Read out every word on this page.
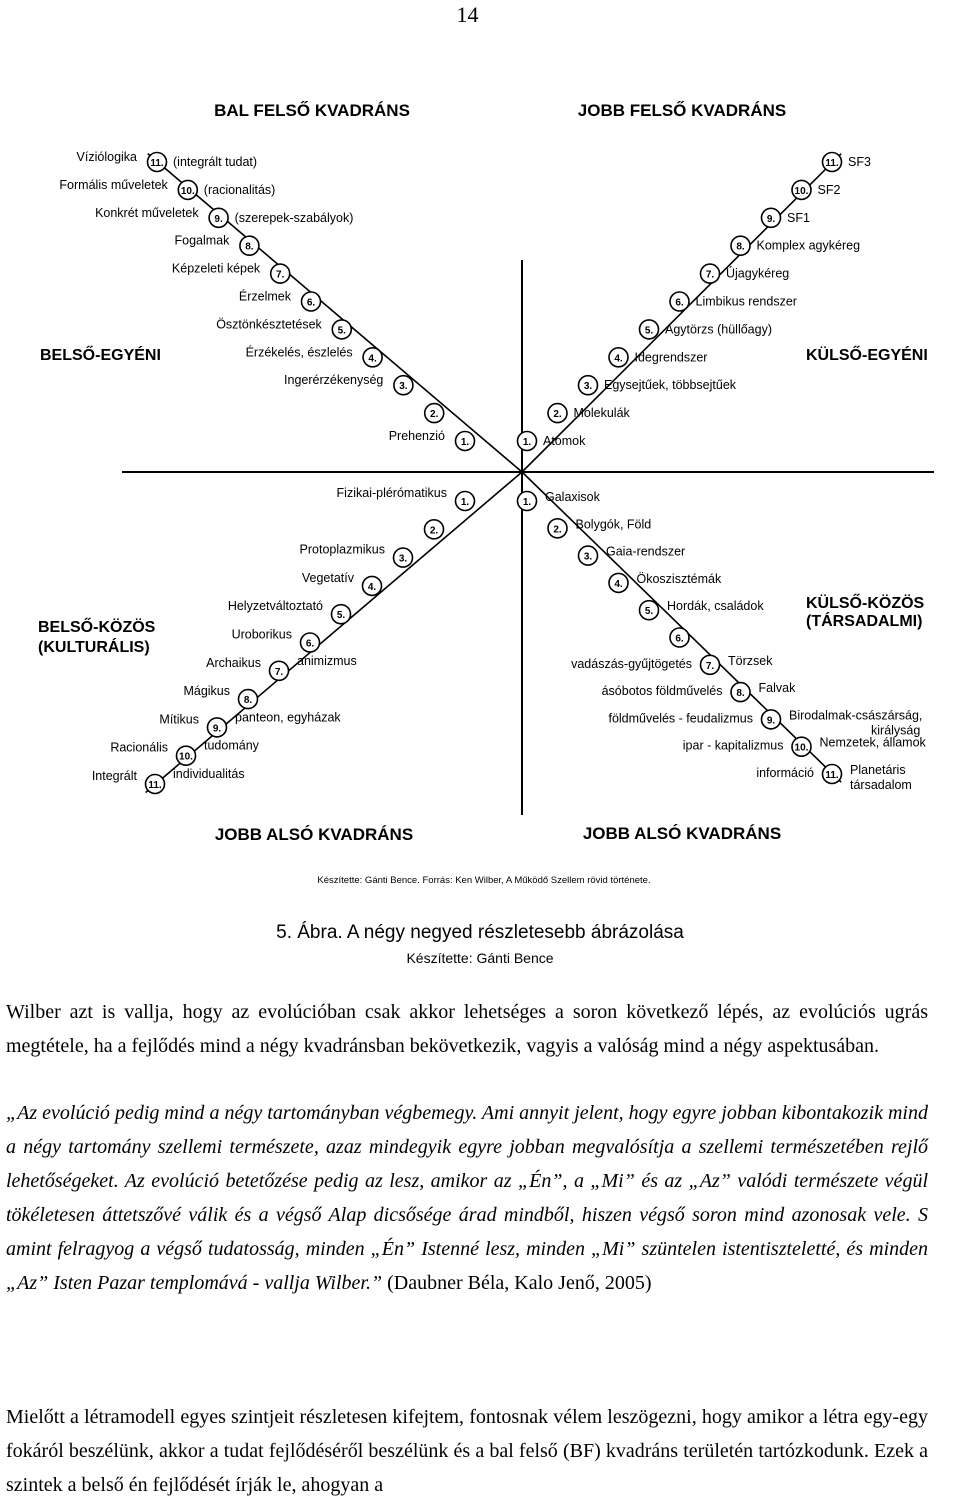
14
BAL FELSŐ KVADRÁNS	JOBB FELSŐ KVADRÁNS
JOBB ALSÓ KVADRÁNS	JOBB ALSÓ KVADRÁNS
BELSŐ-EGYÉNI	KÜLSŐ-EGYÉNI
BELSŐ-KÖZÖS
(KULTURÁLIS)
KÜLSŐ-KÖZÖS
(TÁRSADALMI)
Készítette: Gánti Bence. Forrás: Ken Wilber, A Működő Szellem rövid története.
1.
Prehenzió
2.
3.
Ingerérzékenység
4.
Érzékelés, észlelés
5.
Ösztönkésztetések
6.
Érzelmek
7.
Képzeleti képek
8.
Fogalmak
9.
Konkrét műveletek	(szerepek-szabályok)
10.
Formális műveletek	(racionalitás)
11.
Víziólogika	(integrált tudat)
1. Atomok
2. Molekulák
3. Egysejtűek, többsejtűek
4. Idegrendszer
5. Agytörzs (hüllőagy)
6. Limbikus rendszer
7. Újagykéreg
8. Komplex agykéreg
9. SF1
10. SF2
11. SF3
1.
Fizikai-plérómatikus
2.
3.
Protoplazmikus
4.
Vegetatív
5.
Helyzetváltoztató
6.
Uroborikus
7.
Archaikus	animizmus
8.
Mágikus
9.
Mítikus	panteon, egyházak
10.
Racionális	tudomány
11.
Integrált	individualitás
1. Galaxisok
2. Bolygók, Föld
3. Gaia-rendszer
4. Ökoszisztémák
5. Hordák, családok
6.
7. Törzsek
vadászás-gyűjtögetés
8. Falvak
ásóbotos földművelés
9. Birodalmak-császárság,
földművelés - feudalizmus
10. Nemzetek, államok
ipar - kapitalizmus
11. Planetáris
információ
királyság
társadalom
5. Ábra. A négy negyed részletesebb ábrázolása
Készítette: Gánti Bence
Wilber azt is vallja, hogy az evolúcióban csak akkor lehetséges a soron következő lépés, az evolúciós ugrás megtétele, ha a fejlődés mind a négy kvadránsban bekövetkezik, vagyis a valóság mind a négy aspektusában.
„Az evolúció pedig mind a négy tartományban végbemegy. Ami annyit jelent, hogy egyre jobban kibontakozik mind a négy tartomány szellemi természete, azaz mindegyik egyre jobban megvalósítja a szellemi természetében rejlő lehetőségeket. Az evolúció betetőzése pedig az lesz, amikor az „Én”, a „Mi” és az „Az” valódi természete végül tökéletesen áttetszővé válik és a végső Alap dicsősége árad mindből, hiszen végső soron mind azonosak vele. S amint felragyog a végső tudatosság, minden „Én” Istenné lesz, minden „Mi” szüntelen istentiszteletté, és minden „Az” Isten Pazar templomává - vallja Wilber.” (Daubner Béla, Kalo Jenő, 2005)
Mielőtt a létramodell egyes szintjeit részletesen kifejtem, fontosnak vélem leszögezni, hogy amikor a létra egy-egy fokáról beszélünk, akkor a tudat fejlődéséről beszélünk és a bal felső (BF) kvadráns területén tartózkodunk. Ezek a szintek a belső én fejlődését írják le, ahogyan a
